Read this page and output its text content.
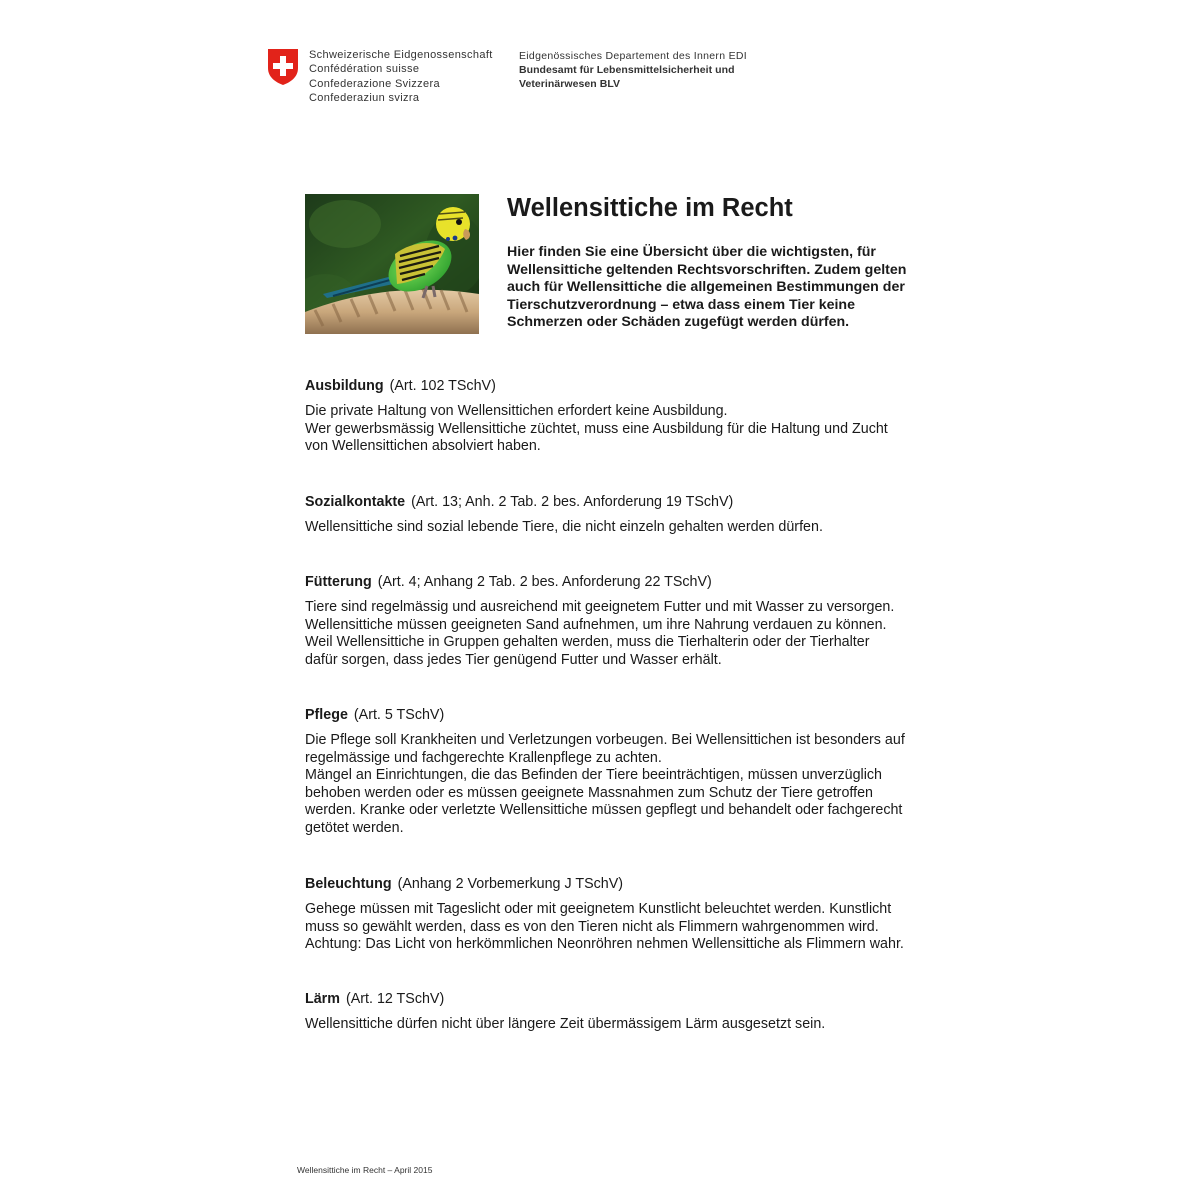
Schweizerische Eidgenossenschaft
Confédération suisse
Confederazione Svizzera
Confederaziun svizra
Eidgenössisches Departement des Innern EDI
Bundesamt für Lebensmittelsicherheit und
Veterinärwesen BLV
Wellensittiche im Recht
Hier finden Sie eine Übersicht über die wichtigsten, für
Wellensittiche geltenden Rechtsvorschriften. Zudem gelten
auch für Wellensittiche die allgemeinen Bestimmungen der
Tierschutzverordnung – etwa dass einem Tier keine
Schmerzen oder Schäden zugefügt werden dürfen.
Ausbildung (Art. 102 TSchV)
Die private Haltung von Wellensittichen erfordert keine Ausbildung.
Wer gewerbsmässig Wellensittiche züchtet, muss eine Ausbildung für die Haltung und Zucht
von Wellensittichen absolviert haben.
Sozialkontakte (Art. 13; Anh. 2 Tab. 2 bes. Anforderung 19 TSchV)
Wellensittiche sind sozial lebende Tiere, die nicht einzeln gehalten werden dürfen.
Fütterung (Art. 4; Anhang 2 Tab. 2 bes. Anforderung 22 TSchV)
Tiere sind regelmässig und ausreichend mit geeignetem Futter und mit Wasser zu versorgen.
Wellensittiche müssen geeigneten Sand aufnehmen, um ihre Nahrung verdauen zu können.
Weil Wellensittiche in Gruppen gehalten werden, muss die Tierhalterin oder der Tierhalter
dafür sorgen, dass jedes Tier genügend Futter und Wasser erhält.
Pflege (Art. 5 TSchV)
Die Pflege soll Krankheiten und Verletzungen vorbeugen. Bei Wellensittichen ist besonders auf
regelmässige und fachgerechte Krallenpflege zu achten.
Mängel an Einrichtungen, die das Befinden der Tiere beeinträchtigen, müssen unverzüglich
behoben werden oder es müssen geeignete Massnahmen zum Schutz der Tiere getroffen
werden. Kranke oder verletzte Wellensittiche müssen gepflegt und behandelt oder fachgerecht
getötet werden.
Beleuchtung (Anhang 2 Vorbemerkung J TSchV)
Gehege müssen mit Tageslicht oder mit geeignetem Kunstlicht beleuchtet werden. Kunstlicht
muss so gewählt werden, dass es von den Tieren nicht als Flimmern wahrgenommen wird.
Achtung: Das Licht von herkömmlichen Neonröhren nehmen Wellensittiche als Flimmern wahr.
Lärm (Art. 12 TSchV)
Wellensittiche dürfen nicht über längere Zeit übermässigem Lärm ausgesetzt sein.
Wellensittiche im Recht – April 2015
